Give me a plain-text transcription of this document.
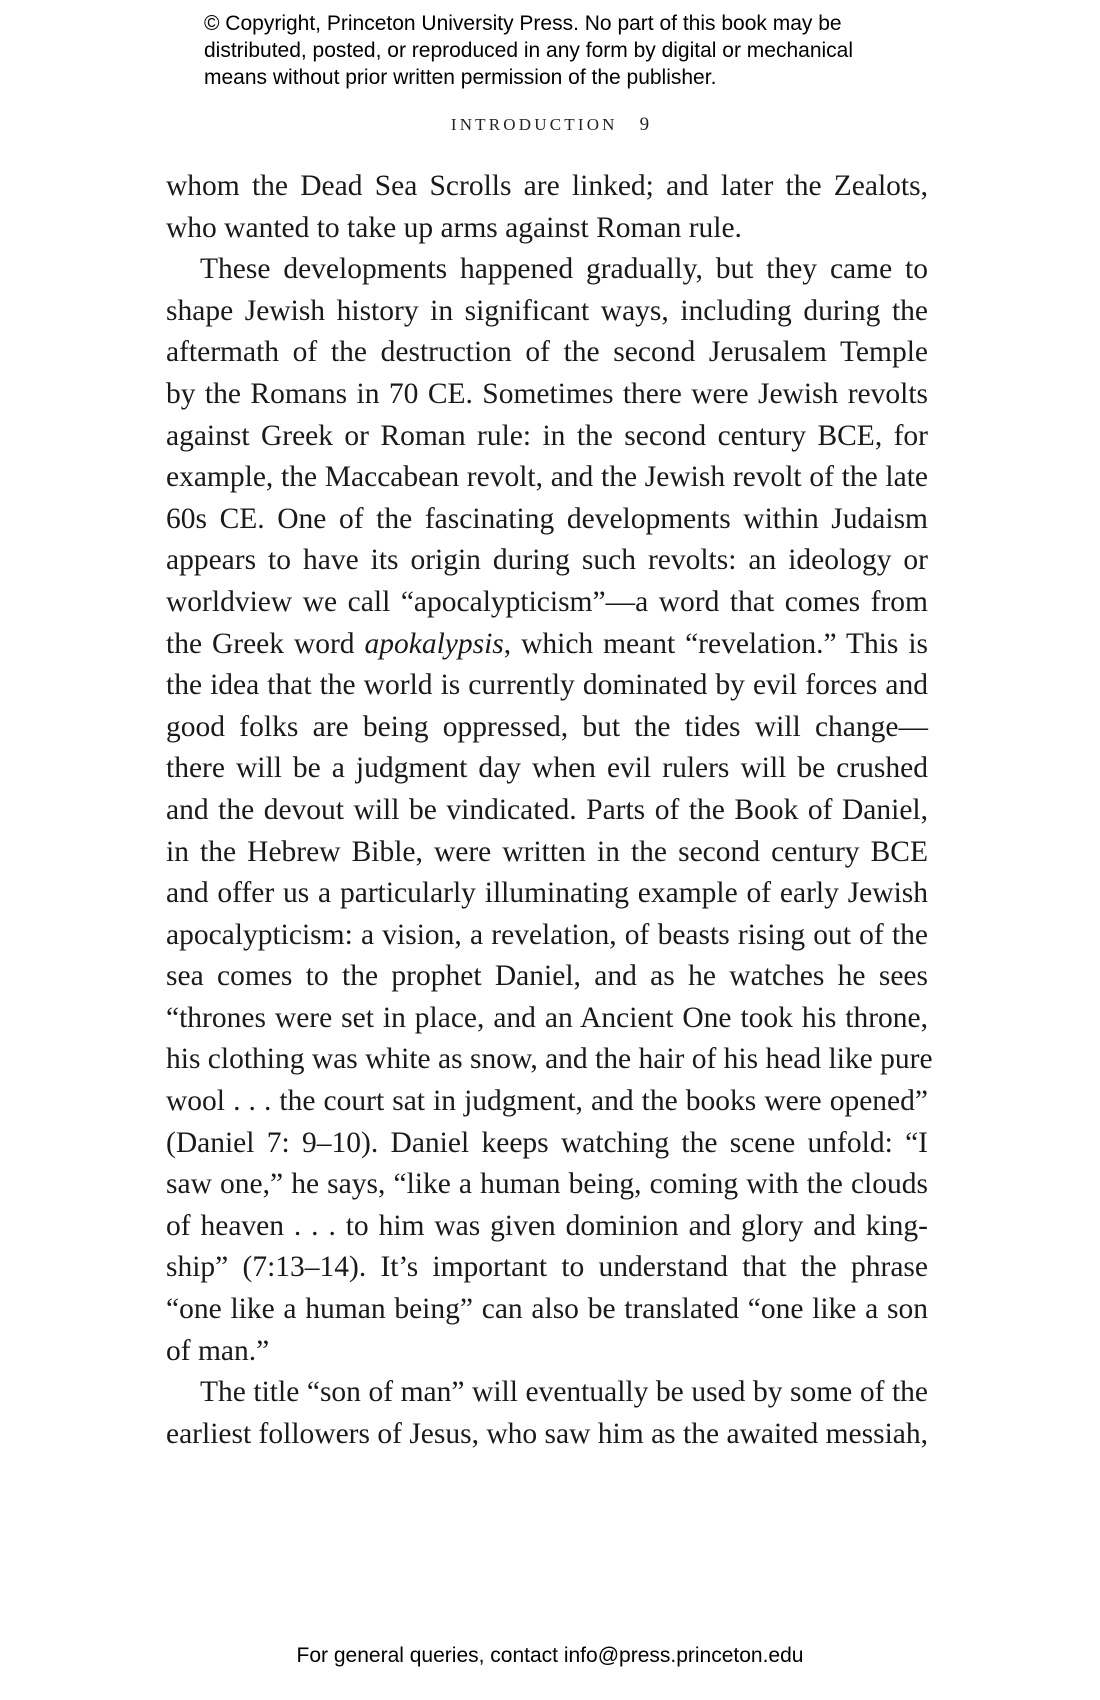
© Copyright, Princeton University Press. No part of this book may be
distributed, posted, or reproduced in any form by digital or mechanical
means without prior written permission of the publisher.
INTRODUCTION 9
whom the Dead Sea Scrolls are linked; and later the Zealots,
who wanted to take up arms against Roman rule.
These developments happened gradually, but they came to
shape Jewish history in significant ways, including during the
aftermath of the destruction of the second Jerusalem Temple
by the Romans in 70 CE. Sometimes there were Jewish revolts
against Greek or Roman rule: in the second century BCE, for
example, the Maccabean revolt, and the Jewish revolt of the late
60s CE. One of the fascinating developments within Judaism
appears to have its origin during such revolts: an ideology or
worldview we call “apocalypticism”—a word that comes from
the Greek word apokalypsis, which meant “revelation.” This is
the idea that the world is currently dominated by evil forces and
good folks are being oppressed, but the tides will change—
there will be a judgment day when evil rulers will be crushed
and the devout will be vindicated. Parts of the Book of Daniel,
in the Hebrew Bible, were written in the second century BCE
and offer us a particularly illuminating example of early Jewish
apocalypticism: a vision, a revelation, of beasts rising out of the
sea comes to the prophet Daniel, and as he watches he sees
“thrones were set in place, and an Ancient One took his throne,
his clothing was white as snow, and the hair of his head like pure
wool . . . the court sat in judgment, and the books were opened”
(Daniel 7: 9–10). Daniel keeps watching the scene unfold: “I
saw one,” he says, “like a human being, coming with the clouds
of heaven . . . to him was given dominion and glory and king-
ship” (7:13–14). It’s important to understand that the phrase
“one like a human being” can also be translated “one like a son
of man.”
The title “son of man” will eventually be used by some of the
earliest followers of Jesus, who saw him as the awaited messiah,
For general queries, contact info@press.princeton.edu
